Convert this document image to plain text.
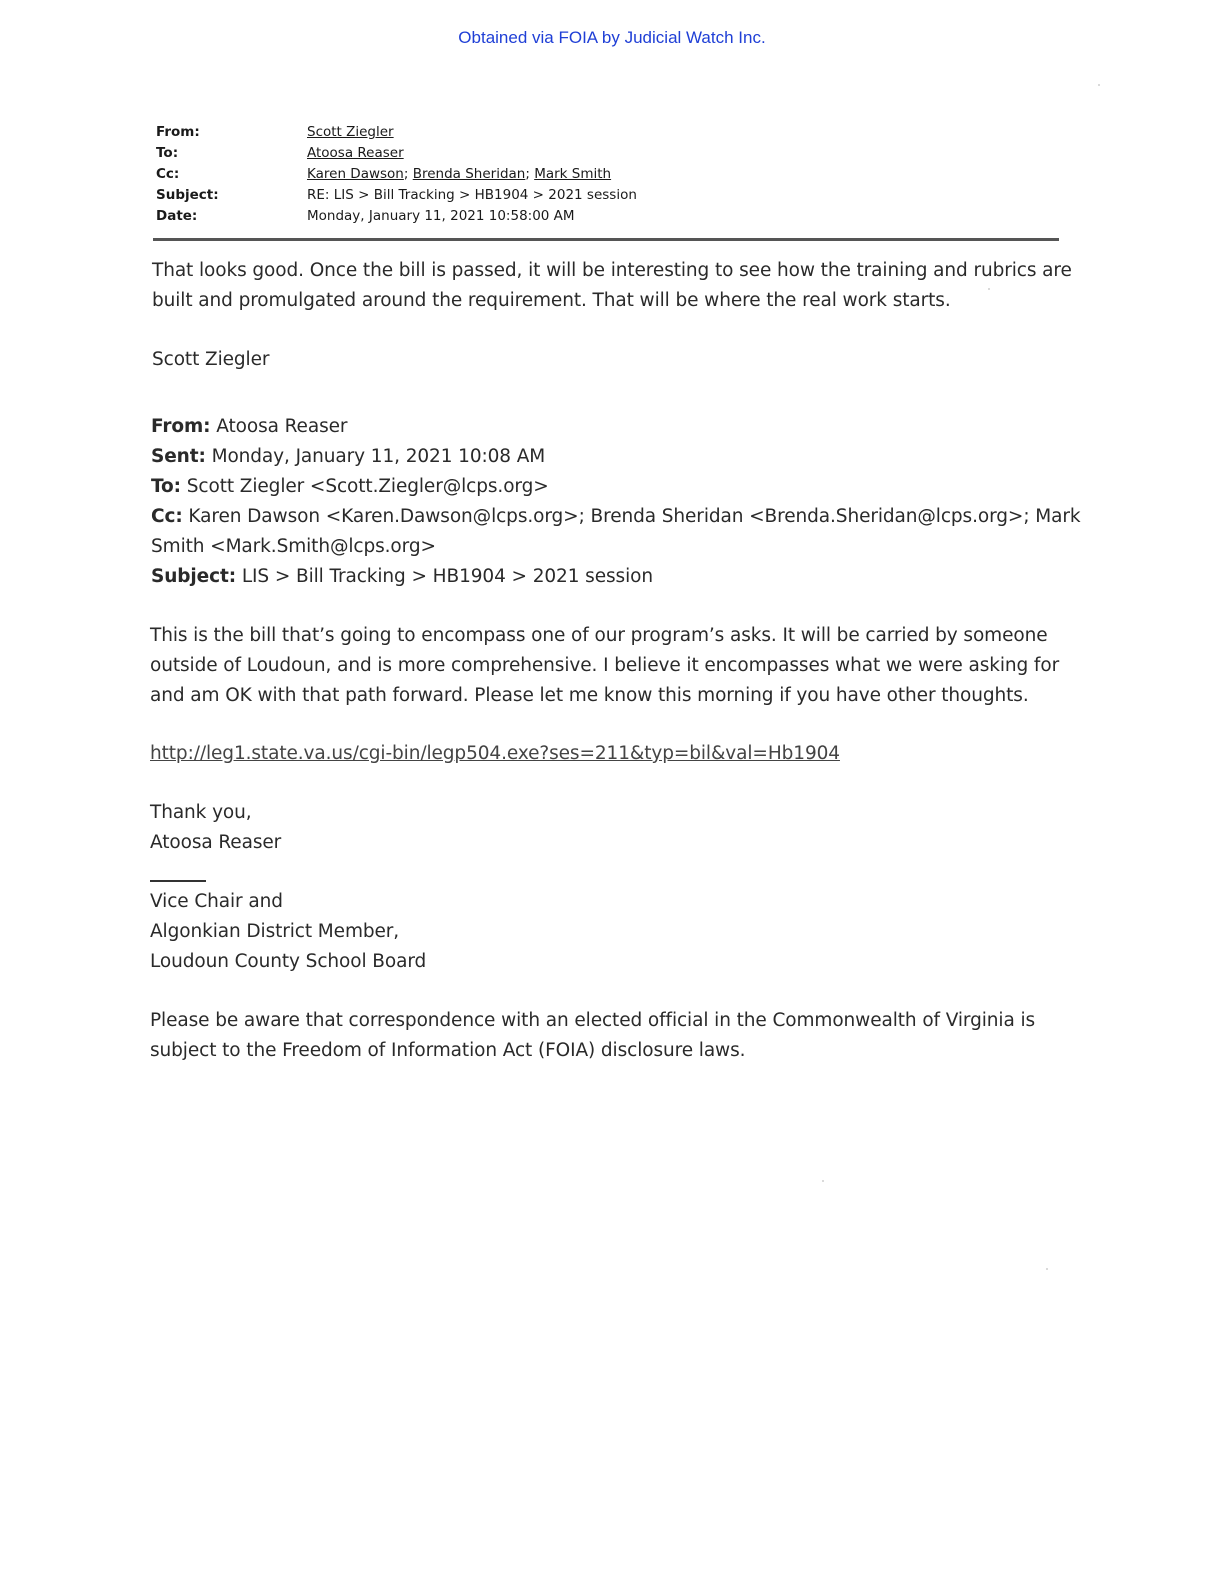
Obtained via FOIA by Judicial Watch Inc.
From:	Scott Ziegler
To:	Atoosa Reaser
Cc:	Karen Dawson; Brenda Sheridan; Mark Smith
Subject:	RE: LIS > Bill Tracking > HB1904 > 2021 session
Date:	Monday, January 11, 2021 10:58:00 AM
That looks good. Once the bill is passed, it will be interesting to see how the training and rubrics are
built and promulgated around the requirement. That will be where the real work starts.
Scott Ziegler
From: Atoosa Reaser
Sent: Monday, January 11, 2021 10:08 AM
To: Scott Ziegler <Scott.Ziegler@lcps.org>
Cc: Karen Dawson <Karen.Dawson@lcps.org>; Brenda Sheridan <Brenda.Sheridan@lcps.org>; Mark
Smith <Mark.Smith@lcps.org>
Subject: LIS > Bill Tracking > HB1904 > 2021 session
This is the bill that’s going to encompass one of our program’s asks. It will be carried by someone
outside of Loudoun, and is more comprehensive. I believe it encompasses what we were asking for
and am OK with that path forward. Please let me know this morning if you have other thoughts.
http://leg1.state.va.us/cgi-bin/legp504.exe?ses=211&typ=bil&val=Hb1904
Thank you,
Atoosa Reaser
Vice Chair and
Algonkian District Member,
Loudoun County School Board
Please be aware that correspondence with an elected official in the Commonwealth of Virginia is
subject to the Freedom of Information Act (FOIA) disclosure laws.
